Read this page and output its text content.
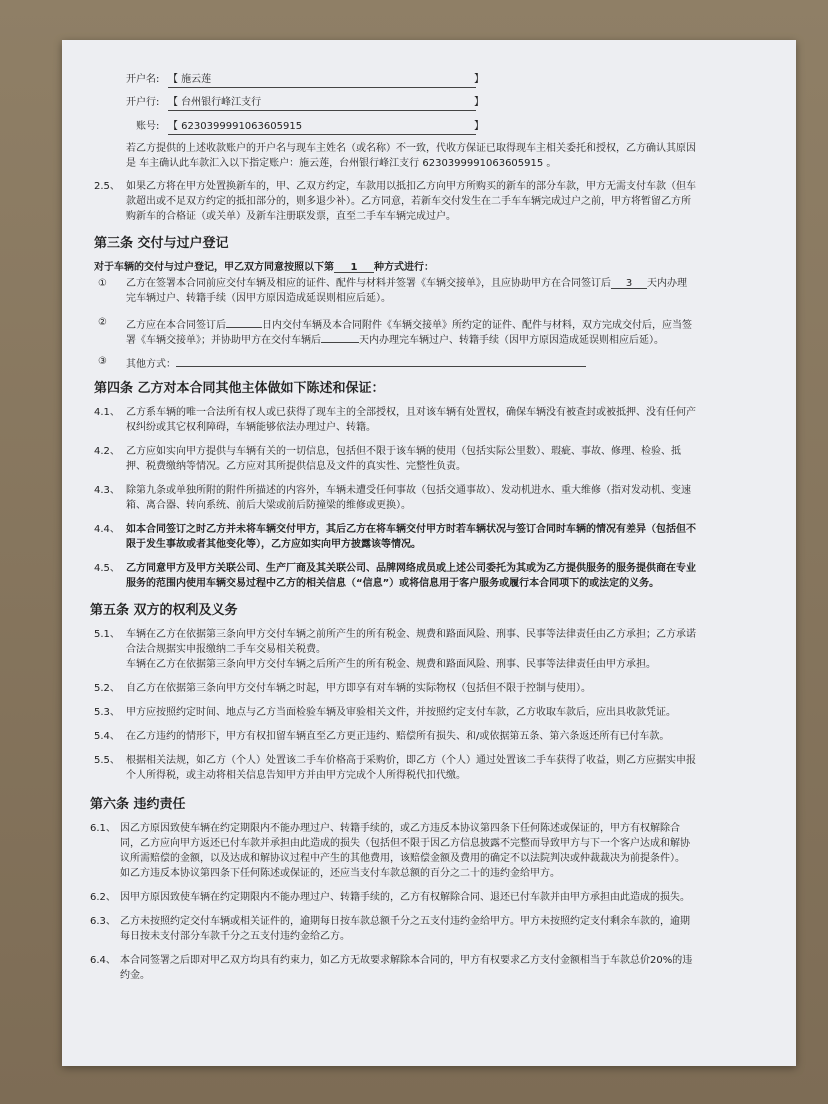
开户名: 【 施云莲	】
开户行: 【 台州银行峰江支行	】
账号: 【 6230399991063605915	】
若乙方提供的上述收款账户的开户名与现车主姓名（或名称）不一致，代收方保证已取得现车主相关委托和授权，乙方确认其原因
是 车主确认此车款汇入以下指定账户：施云莲，台州银行峰江支行 6230399991063605915 。
2.5、 如果乙方将在甲方处置换新车的，甲、乙双方约定，车款用以抵扣乙方向甲方所购买的新车的部分车款，甲方无需支付车款（但车
款超出或不足双方约定的抵扣部分的，则多退少补）。乙方同意，若新车交付发生在二手车车辆完成过户之前，甲方将暂留乙方所
购新车的合格证（或关单）及新车注册联发票，直至二手车车辆完成过户。
第三条 交付与过户登记
对于车辆的交付与过户登记，甲乙双方同意按照以下第 1 种方式进行：
① 乙方在签署本合同前应交付车辆及相应的证件、配件与材料并签署《车辆交接单》，且应协助甲方在合同签订后 3 天内办理
完车辆过户、转籍手续（因甲方原因造成延误则相应后延）。
② 乙方应在本合同签订后	日内交付车辆及本合同附件《车辆交接单》所约定的证件、配件与材料，双方完成交付后，应当签
署《车辆交接单》；并协助甲方在交付车辆后	天内办理完车辆过户、转籍手续（因甲方原因造成延误则相应后延）。
③ 其他方式：
第四条 乙方对本合同其他主体做如下陈述和保证：
4.1、 乙方系车辆的唯一合法所有权人或已获得了现车主的全部授权，且对该车辆有处置权，确保车辆没有被查封或被抵押、没有任何产
权纠纷或其它权利障碍，车辆能够依法办理过户、转籍。
4.2、 乙方应如实向甲方提供与车辆有关的一切信息，包括但不限于该车辆的使用（包括实际公里数）、瑕疵、事故、修理、检验、抵
押、税费缴纳等情况。乙方应对其所提供信息及文件的真实性、完整性负责。
4.3、 除第九条或单独所附的附件所描述的内容外，车辆未遭受任何事故（包括交通事故）、发动机进水、重大维修（指对发动机、变速
箱、离合器、转向系统、前后大梁或前后防撞梁的维修或更换）。
4.4、 如本合同签订之时乙方并未将车辆交付甲方，其后乙方在将车辆交付甲方时若车辆状况与签订合同时车辆的情况有差异（包括但不
限于发生事故或者其他变化等），乙方应如实向甲方披露该等情况。
4.5、 乙方同意甲方及甲方关联公司、生产厂商及其关联公司、品牌网络成员或上述公司委托为其或为乙方提供服务的服务提供商在专业
服务的范围内使用车辆交易过程中乙方的相关信息（“信息”）或将信息用于客户服务或履行本合同项下的或法定的义务。
第五条 双方的权利及义务
5.1、 车辆在乙方在依据第三条向甲方交付车辆之前所产生的所有税金、规费和路面风险、刑事、民事等法律责任由乙方承担；乙方承诺
合法合规据实申报缴纳二手车交易相关税费。
车辆在乙方在依据第三条向甲方交付车辆之后所产生的所有税金、规费和路面风险、刑事、民事等法律责任由甲方承担。
5.2、 自乙方在依据第三条向甲方交付车辆之时起，甲方即享有对车辆的实际物权（包括但不限于控制与使用）。
5.3、 甲方应按照约定时间、地点与乙方当面检验车辆及审验相关文件，并按照约定支付车款，乙方收取车款后，应出具收款凭证。
5.4、 在乙方违约的情形下，甲方有权扣留车辆直至乙方更正违约、赔偿所有损失、和/或依据第五条、第六条返还所有已付车款。
5.5、 根据相关法规，如乙方（个人）处置该二手车价格高于采购价，即乙方（个人）通过处置该二手车获得了收益，则乙方应据实申报
个人所得税，或主动将相关信息告知甲方并由甲方完成个人所得税代扣代缴。
第六条 违约责任
6.1、 因乙方原因致使车辆在约定期限内不能办理过户、转籍手续的，或乙方违反本协议第四条下任何陈述或保证的，甲方有权解除合
同，乙方应向甲方返还已付车款并承担由此造成的损失（包括但不限于因乙方信息披露不完整而导致甲方与下一个客户达成和解协
议所需赔偿的金额，以及达成和解协议过程中产生的其他费用，该赔偿金额及费用的确定不以法院判决或仲裁裁决为前提条件）。
如乙方违反本协议第四条下任何陈述或保证的，还应当支付车款总额的百分之二十的违约金给甲方。
6.2、 因甲方原因致使车辆在约定期限内不能办理过户、转籍手续的，乙方有权解除合同、退还已付车款并由甲方承担由此造成的损失。
6.3、 乙方未按照约定交付车辆或相关证件的，逾期每日按车款总额千分之五支付违约金给甲方。甲方未按照约定支付剩余车款的，逾期
每日按未支付部分车款千分之五支付违约金给乙方。
6.4、 本合同签署之后即对甲乙双方均具有约束力，如乙方无故要求解除本合同的，甲方有权要求乙方支付金额相当于车款总价20%的违
约金。
